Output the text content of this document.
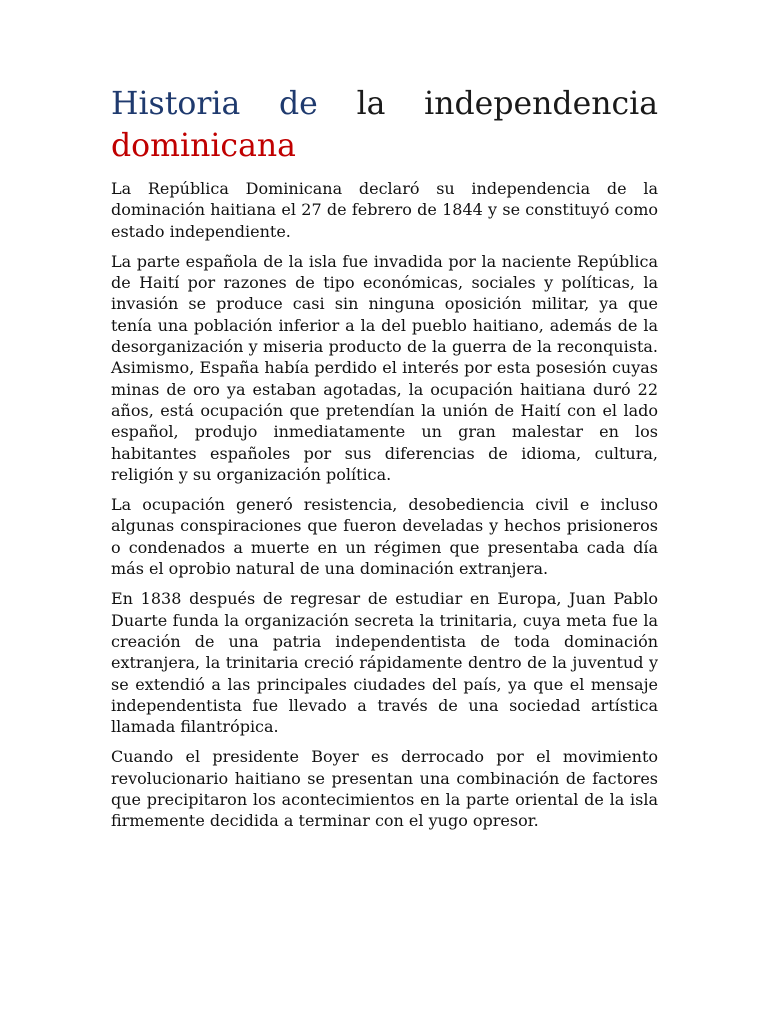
Historia de la independencia dominicana

La República Dominicana declaró su independencia de la dominación haitiana el 27 de febrero de 1844 y se constituyó como estado independiente.

La parte española de la isla fue invadida por la naciente República de Haití por razones de tipo económicas, sociales y políticas, la invasión se produce casi sin ninguna oposición militar, ya que tenía una población inferior a la del pueblo haitiano, además de la desorganización y miseria producto de la guerra de la reconquista. Asimismo, España había perdido el interés por esta posesión cuyas minas de oro ya estaban agotadas, la ocupación haitiana duró 22 años, está ocupación que pretendían la unión de Haití con el lado español, produjo inmediatamente un gran malestar en los habitantes españoles por sus diferencias de idioma, cultura, religión y su organización política.

La ocupación generó resistencia, desobediencia civil e incluso algunas conspiraciones que fueron develadas y hechos prisioneros o condenados a muerte en un régimen que presentaba cada día más el oprobio natural de una dominación extranjera.

En 1838 después de regresar de estudiar en Europa, Juan Pablo Duarte funda la organización secreta la trinitaria, cuya meta fue la creación de una patria independentista de toda dominación extranjera, la trinitaria creció rápidamente dentro de la juventud y se extendió a las principales ciudades del país, ya que el mensaje independentista fue llevado a través de una sociedad artística llamada filantrópica.

Cuando el presidente Boyer es derrocado por el movimiento revolucionario haitiano se presentan una combinación de factores que precipitaron los acontecimientos en la parte oriental de la isla firmemente decidida a terminar con el yugo opresor.
